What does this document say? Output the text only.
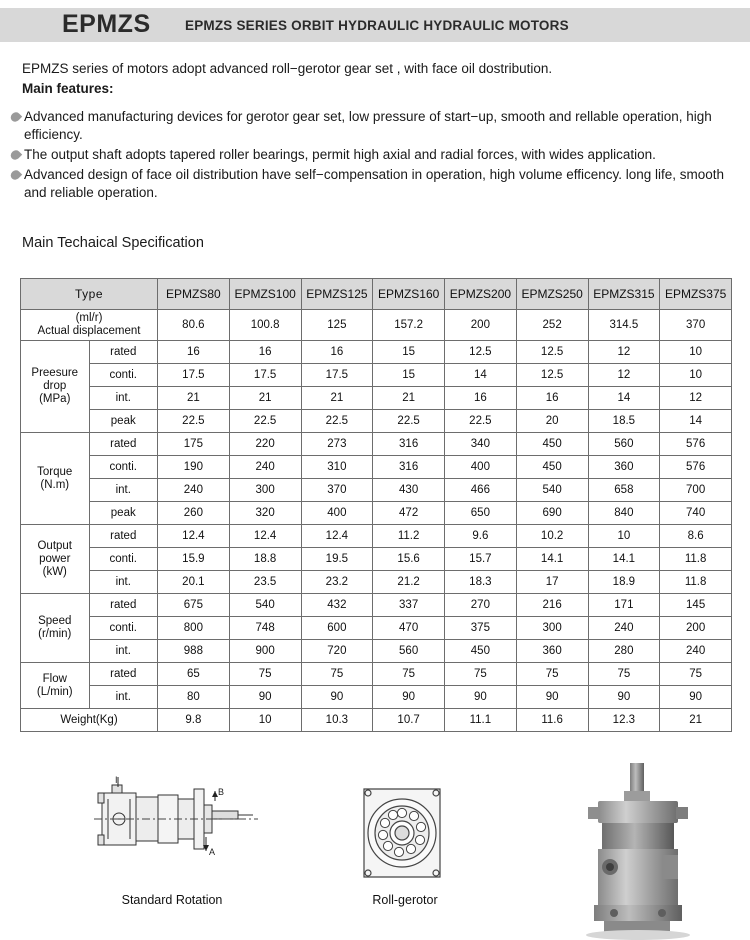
EPMZS	EPMZS SERIES ORBIT HYDRAULIC HYDRAULIC MOTORS
EPMZS series of motors adopt advanced roll−gerotor gear set , with face oil dostribution.
Main features:
Advanced manufacturing devices for gerotor gear set, low pressure of start−up, smooth and rellable operation, high efficiency.
The output shaft adopts tapered roller bearings, permit high axial and radial forces, with wides application.
Advanced design of face oil distribution have self−compensation in operation, high volume efficency. long life, smooth and reliable operation.
Main Techaical Specification
Type		EPMZS80	EPMZS100	EPMZS125	EPMZS160	EPMZS200	EPMZS250	EPMZS315	EPMZS375

(ml/r)
Actual displacement		80.6	100.8	125	157.2	200	252	314.5	370
Preesure
drop
(MPa)	rated	16	16	16	15	12.5	12.5	12	10
	conti.	17.5	17.5	17.5	15	14	12.5	12	10
	int.	21	21	21	21	16	16	14	12
	peak	22.5	22.5	22.5	22.5	22.5	20	18.5	14
Torque
(N.m)	rated	175	220	273	316	340	450	560	576
	conti.	190	240	310	316	400	450	360	576
	int.	240	300	370	430	466	540	658	700
	peak	260	320	400	472	650	690	840	740
Output
power
(kW)	rated	12.4	12.4	12.4	11.2	9.6	10.2	10	8.6
	conti.	15.9	18.8	19.5	15.6	15.7	14.1	14.1	11.8
	int.	20.1	23.5	23.2	21.2	18.3	17	18.9	11.8
Speed
(r/min)	rated	675	540	432	337	270	216	171	145
	conti.	800	748	600	470	375	300	240	200
	int.	988	900	720	560	450	360	280	240
Flow
(L/min)	rated	65	75	75	75	75	75	75	75
	int.	80	90	90	90	90	90	90	90
Weight(Kg)		9.8	10	10.3	10.7	11.1	11.6	12.3	21
I
B
A
Standard Rotation	Roll-gerotor
